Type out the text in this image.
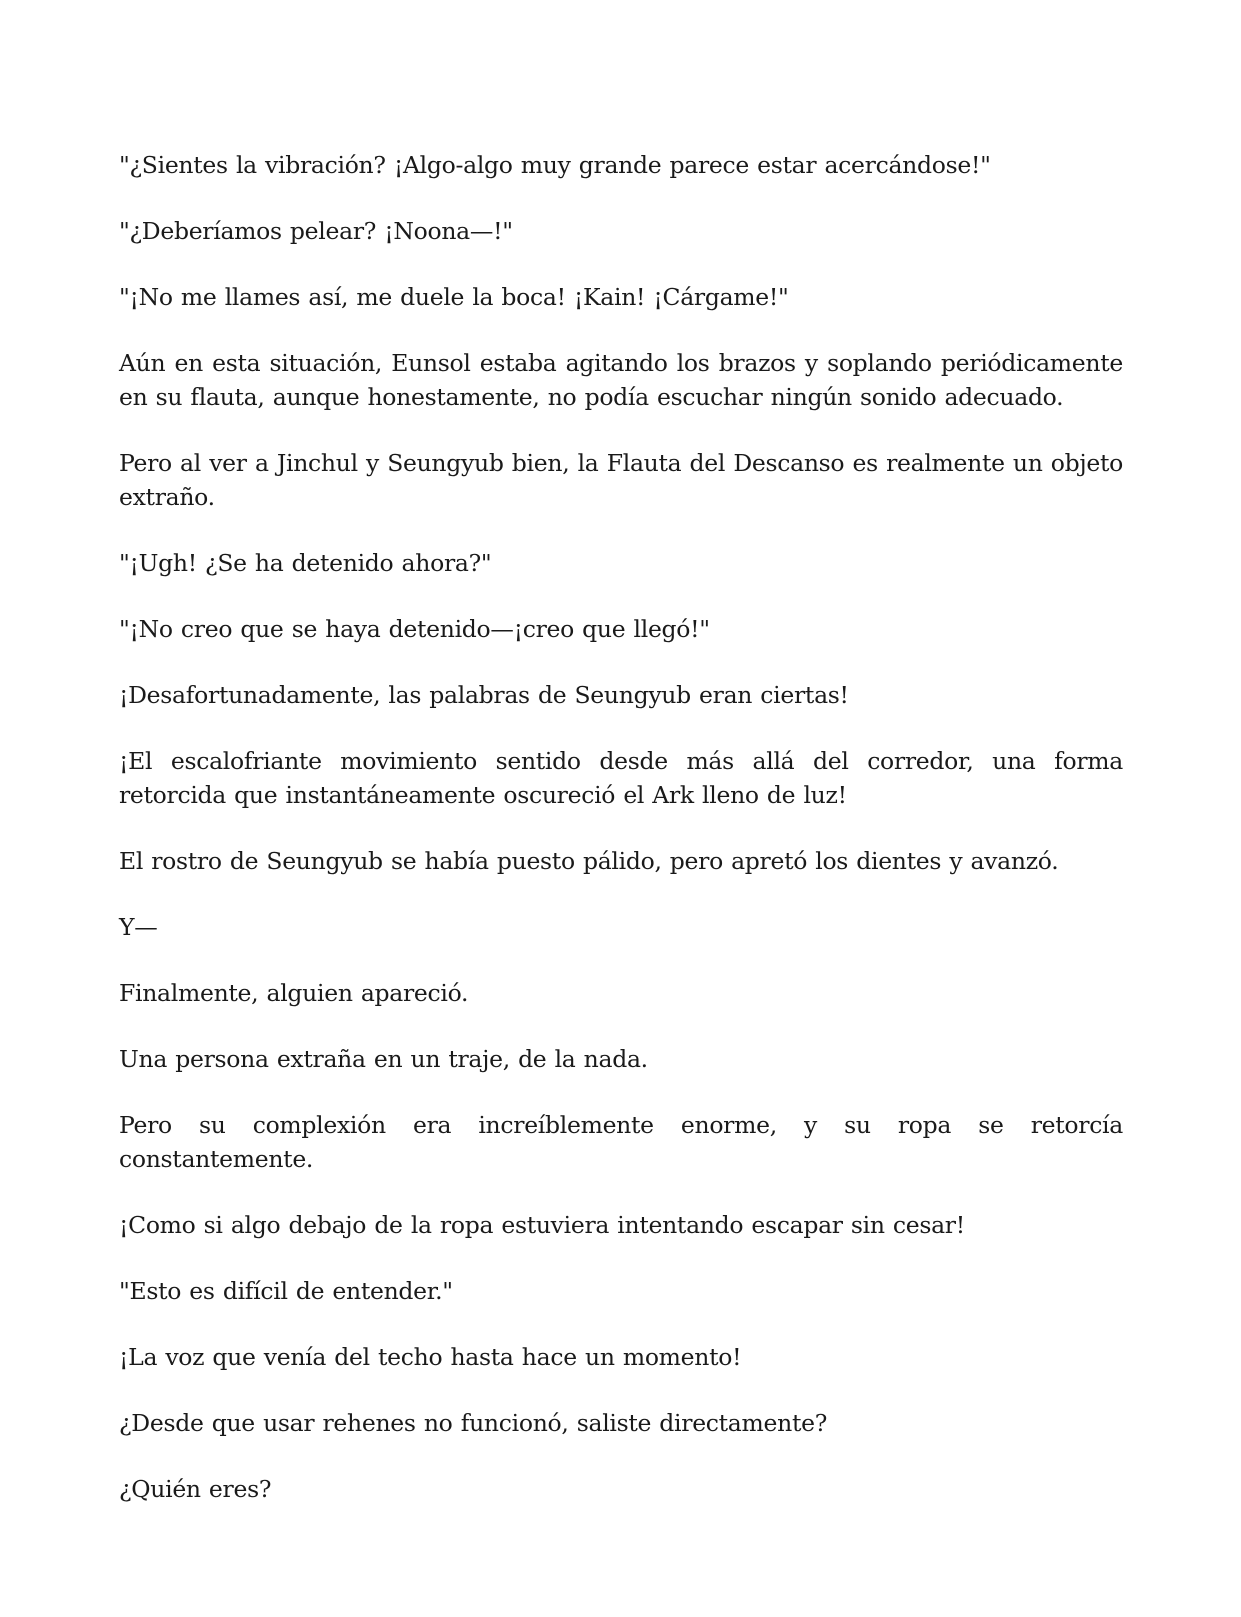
"¿Sientes la vibración? ¡Algo-algo muy grande parece estar acercándose!"

"¿Deberíamos pelear? ¡Noona—!"

"¡No me llames así, me duele la boca! ¡Kain! ¡Cárgame!"

Aún en esta situación, Eunsol estaba agitando los brazos y soplando periódicamente en su flauta, aunque honestamente, no podía escuchar ningún sonido adecuado.

Pero al ver a Jinchul y Seungyub bien, la Flauta del Descanso es realmente un objeto extraño.

"¡Ugh! ¿Se ha detenido ahora?"

"¡No creo que se haya detenido—¡creo que llegó!"

¡Desafortunadamente, las palabras de Seungyub eran ciertas!

¡El escalofriante movimiento sentido desde más allá del corredor, una forma retorcida que instantáneamente oscureció el Ark lleno de luz!

El rostro de Seungyub se había puesto pálido, pero apretó los dientes y avanzó.

Y—

Finalmente, alguien apareció.

Una persona extraña en un traje, de la nada.

Pero su complexión era increíblemente enorme, y su ropa se retorcía constantemente.

¡Como si algo debajo de la ropa estuviera intentando escapar sin cesar!

"Esto es difícil de entender."

¡La voz que venía del techo hasta hace un momento!

¿Desde que usar rehenes no funcionó, saliste directamente?

¿Quién eres?
